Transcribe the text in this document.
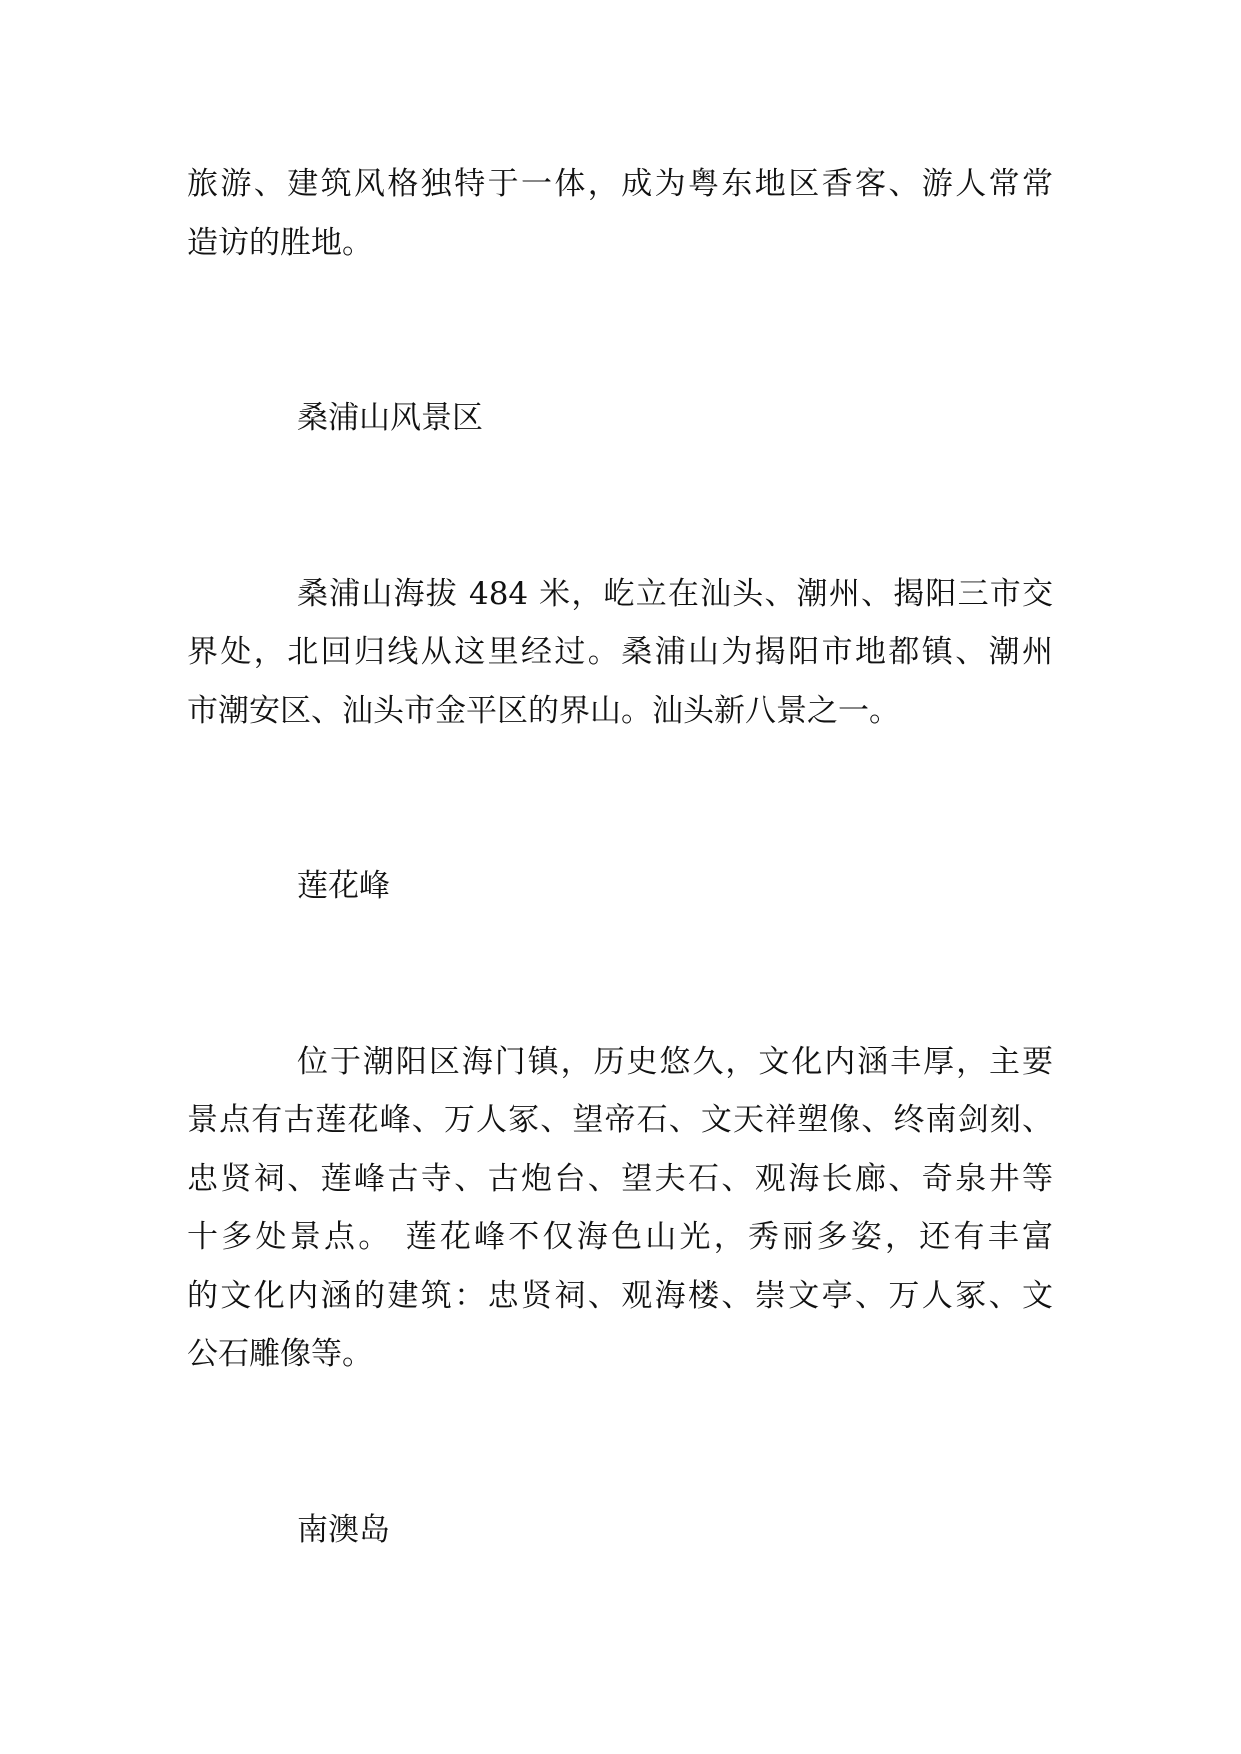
旅游、建筑风格独特于一体，成为粤东地区香客、游人常常
造访的胜地。
桑浦山风景区
桑浦山海拔 484 米，屹立在汕头、潮州、揭阳三市交
界处，北回归线从这里经过。桑浦山为揭阳市地都镇、潮州
市潮安区、汕头市金平区的界山。汕头新八景之一。
莲花峰
位于潮阳区海门镇，历史悠久，文化内涵丰厚，主要
景点有古莲花峰、万人冢、望帝石、文天祥塑像、终南剑刻、
忠贤祠、莲峰古寺、古炮台、望夫石、观海长廊、奇泉井等
十多处景点。 莲花峰不仅海色山光，秀丽多姿，还有丰富
的文化内涵的建筑：忠贤祠、观海楼、崇文亭、万人冢、文
公石雕像等。
南澳岛
